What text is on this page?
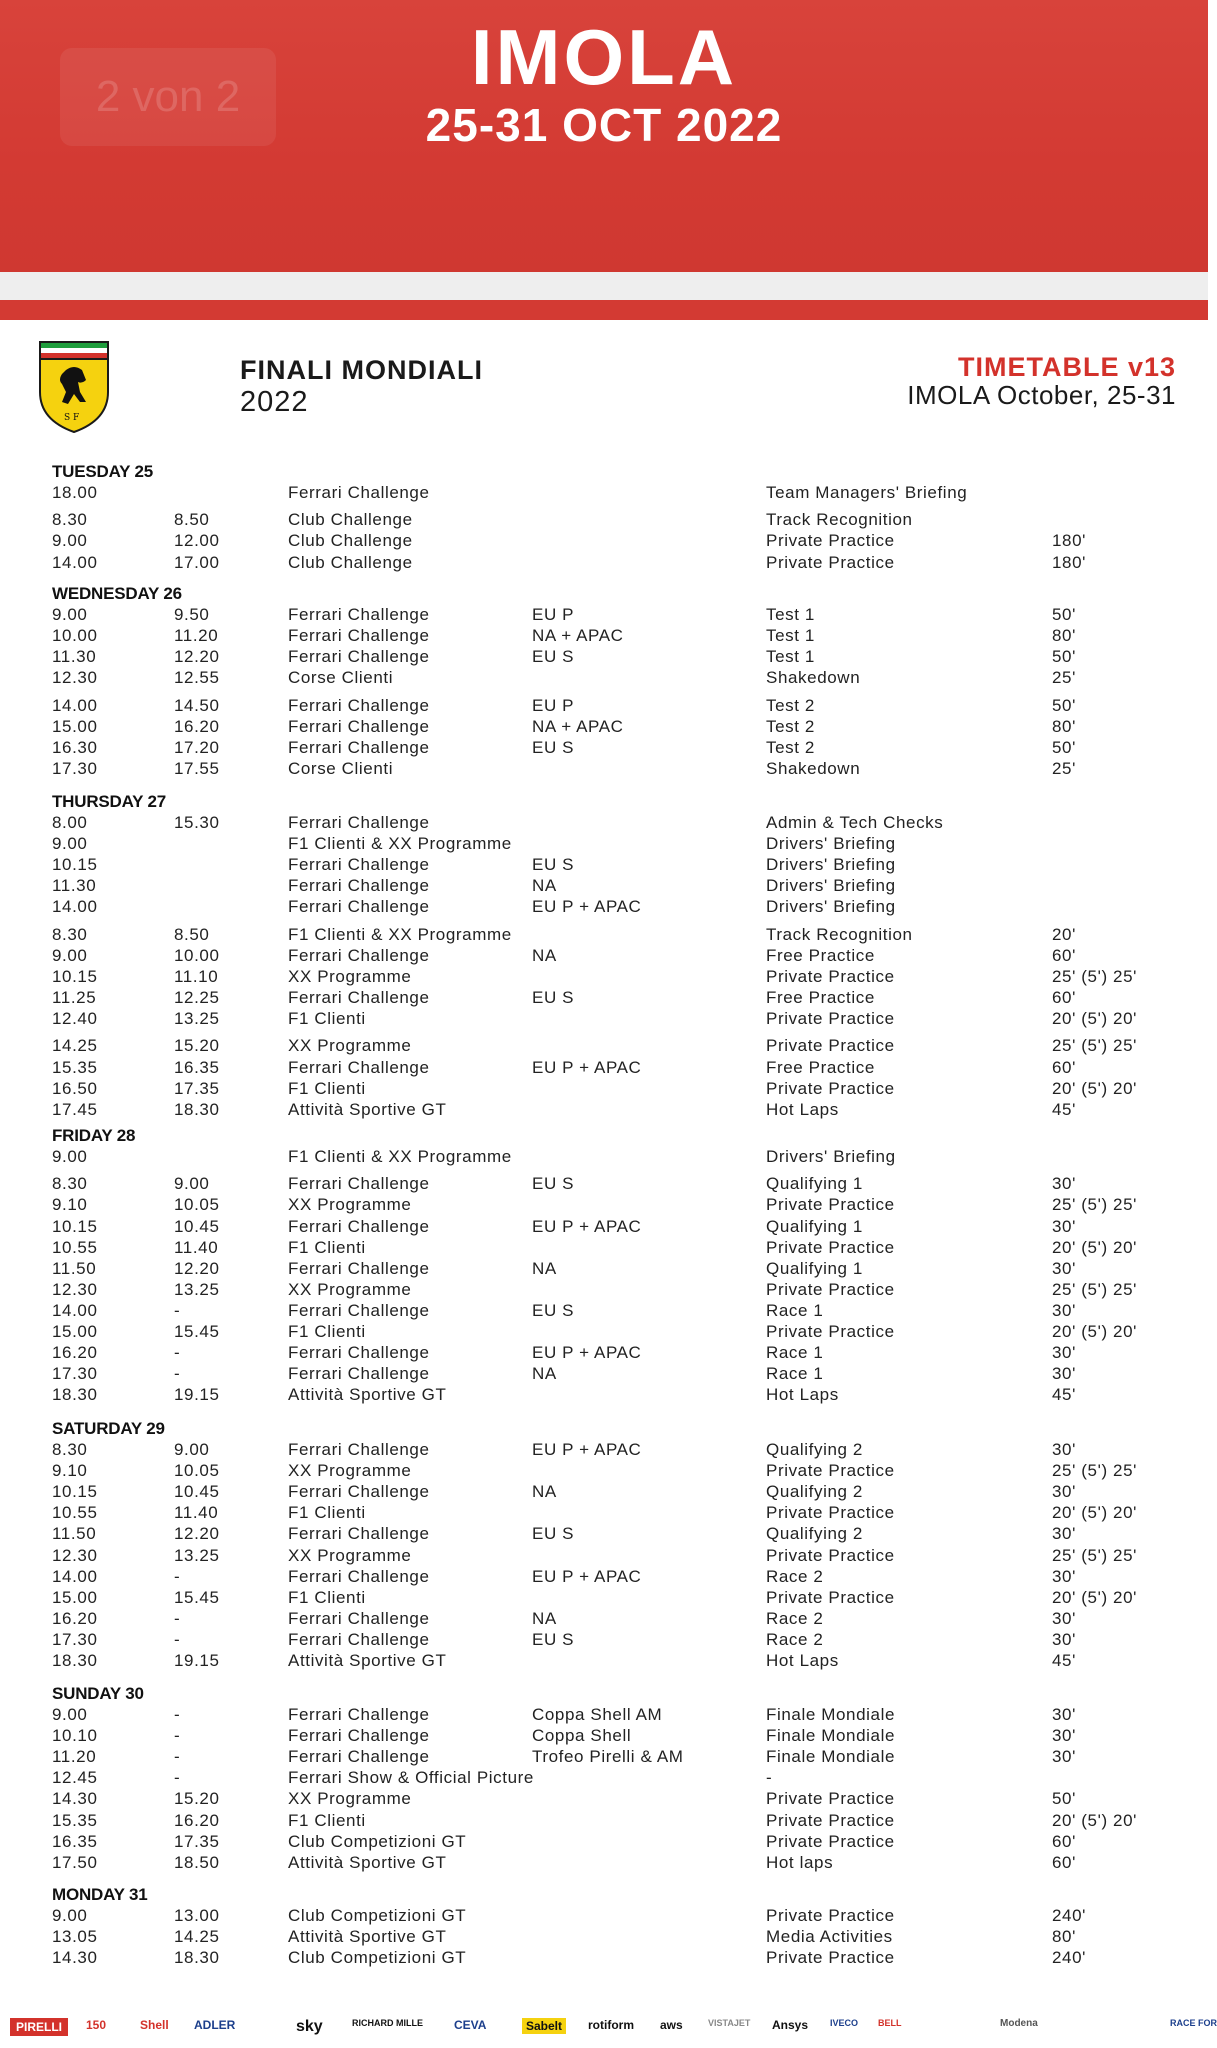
2 von 2	IMOLA
25-31 OCT 2022
S F
FINALI MONDIALI
2022
TIMETABLE v13
IMOLA October, 25-31
TUESDAY 25
18.00	Ferrari Challenge	Team Managers' Briefing
8.30	8.50	Club Challenge	Track Recognition
9.00	12.00	Club Challenge	Private Practice	180'
14.00	17.00	Club Challenge	Private Practice	180'
WEDNESDAY 26
9.00	9.50	Ferrari Challenge	EU P	Test 1	50'
10.00	11.20	Ferrari Challenge	NA + APAC	Test 1	80'
11.30	12.20	Ferrari Challenge	EU S	Test 1	50'
12.30	12.55	Corse Clienti	Shakedown	25'
14.00	14.50	Ferrari Challenge	EU P	Test 2	50'
15.00	16.20	Ferrari Challenge	NA + APAC	Test 2	80'
16.30	17.20	Ferrari Challenge	EU S	Test 2	50'
17.30	17.55	Corse Clienti	Shakedown	25'
THURSDAY 27
8.00	15.30	Ferrari Challenge	Admin & Tech Checks
9.00	F1 Clienti & XX Programme	Drivers' Briefing
10.15	Ferrari Challenge	EU S	Drivers' Briefing
11.30	Ferrari Challenge	NA	Drivers' Briefing
14.00	Ferrari Challenge	EU P + APAC	Drivers' Briefing
8.30	8.50	F1 Clienti & XX Programme	Track Recognition	20'
9.00	10.00	Ferrari Challenge	NA	Free Practice	60'
10.15	11.10	XX Programme	Private Practice	25' (5') 25'
11.25	12.25	Ferrari Challenge	EU S	Free Practice	60'
12.40	13.25	F1 Clienti	Private Practice	20' (5') 20'
14.25	15.20	XX Programme	Private Practice	25' (5') 25'
15.35	16.35	Ferrari Challenge	EU P + APAC	Free Practice	60'
16.50	17.35	F1 Clienti	Private Practice	20' (5') 20'
17.45	18.30	Attività Sportive GT	Hot Laps	45'
FRIDAY 28
9.00	F1 Clienti & XX Programme	Drivers' Briefing
8.30	9.00	Ferrari Challenge	EU S	Qualifying 1	30'
9.10	10.05	XX Programme	Private Practice	25' (5') 25'
10.15	10.45	Ferrari Challenge	EU P + APAC	Qualifying 1	30'
10.55	11.40	F1 Clienti	Private Practice	20' (5') 20'
11.50	12.20	Ferrari Challenge	NA	Qualifying 1	30'
12.30	13.25	XX Programme	Private Practice	25' (5') 25'
14.00	-	Ferrari Challenge	EU S	Race 1	30'
15.00	15.45	F1 Clienti	Private Practice	20' (5') 20'
16.20	-	Ferrari Challenge	EU P + APAC	Race 1	30'
17.30	-	Ferrari Challenge	NA	Race 1	30'
18.30	19.15	Attività Sportive GT	Hot Laps	45'
SATURDAY 29
8.30	9.00	Ferrari Challenge	EU P + APAC	Qualifying 2	30'
9.10	10.05	XX Programme	Private Practice	25' (5') 25'
10.15	10.45	Ferrari Challenge	NA	Qualifying 2	30'
10.55	11.40	F1 Clienti	Private Practice	20' (5') 20'
11.50	12.20	Ferrari Challenge	EU S	Qualifying 2	30'
12.30	13.25	XX Programme	Private Practice	25' (5') 25'
14.00	-	Ferrari Challenge	EU P + APAC	Race 2	30'
15.00	15.45	F1 Clienti	Private Practice	20' (5') 20'
16.20	-	Ferrari Challenge	NA	Race 2	30'
17.30	-	Ferrari Challenge	EU S	Race 2	30'
18.30	19.15	Attività Sportive GT	Hot Laps	45'
SUNDAY 30
9.00	-	Ferrari Challenge	Coppa Shell AM	Finale Mondiale	30'
10.10	-	Ferrari Challenge	Coppa Shell	Finale Mondiale	30'
11.20	-	Ferrari Challenge	Trofeo Pirelli & AM	Finale Mondiale	30'
12.45	-	Ferrari Show & Official Picture	-
14.30	15.20	XX Programme	Private Practice	50'
15.35	16.20	F1 Clienti	Private Practice	20' (5') 20'
16.35	17.35	Club Competizioni GT	Private Practice	60'
17.50	18.50	Attività Sportive GT	Hot laps	60'
MONDAY 31
9.00	13.00	Club Competizioni GT	Private Practice	240'
13.05	14.25	Attività Sportive GT	Media Activities	80'
14.30	18.30	Club Competizioni GT	Private Practice	240'
PIRELLI	150	Shell ADLER	sky	RICHARD MILLE	CEVA	Sabelt	rotiform aws	VISTAJET Ansys IVECO BELL	Modena	RACE FOR
